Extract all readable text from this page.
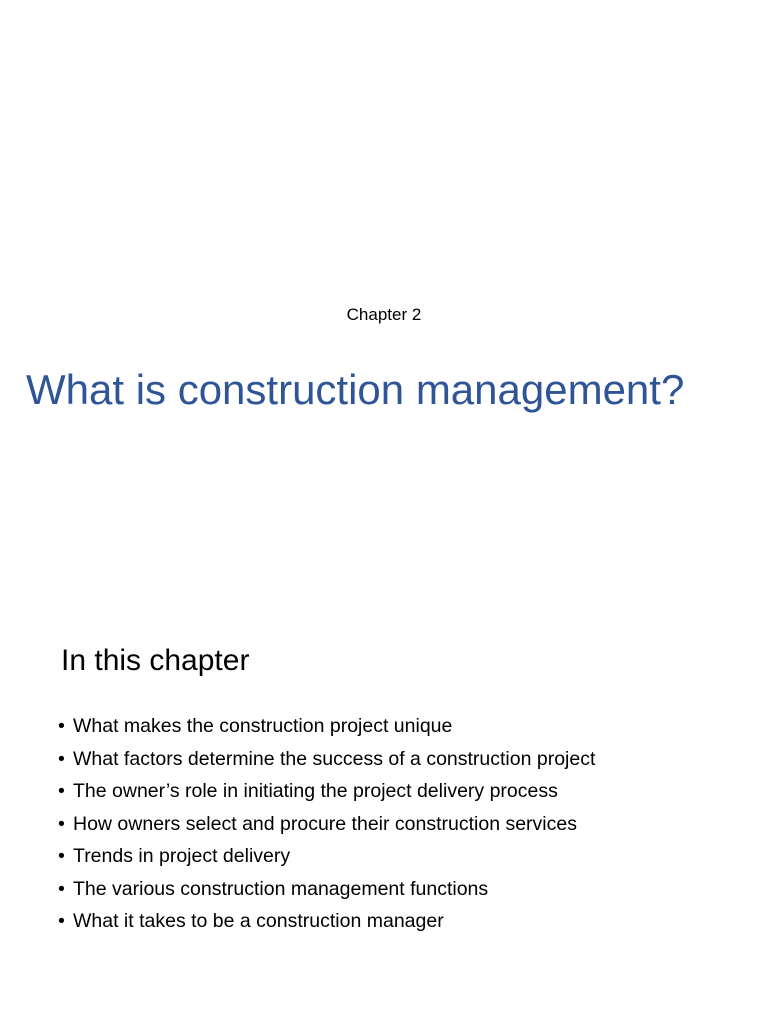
Chapter 2
What is construction management?
In this chapter
• What makes the construction project unique
• What factors determine the success of a construction project
• The owner’s role in initiating the project delivery process
• How owners select and procure their construction services
• Trends in project delivery
• The various construction management functions
• What it takes to be a construction manager
